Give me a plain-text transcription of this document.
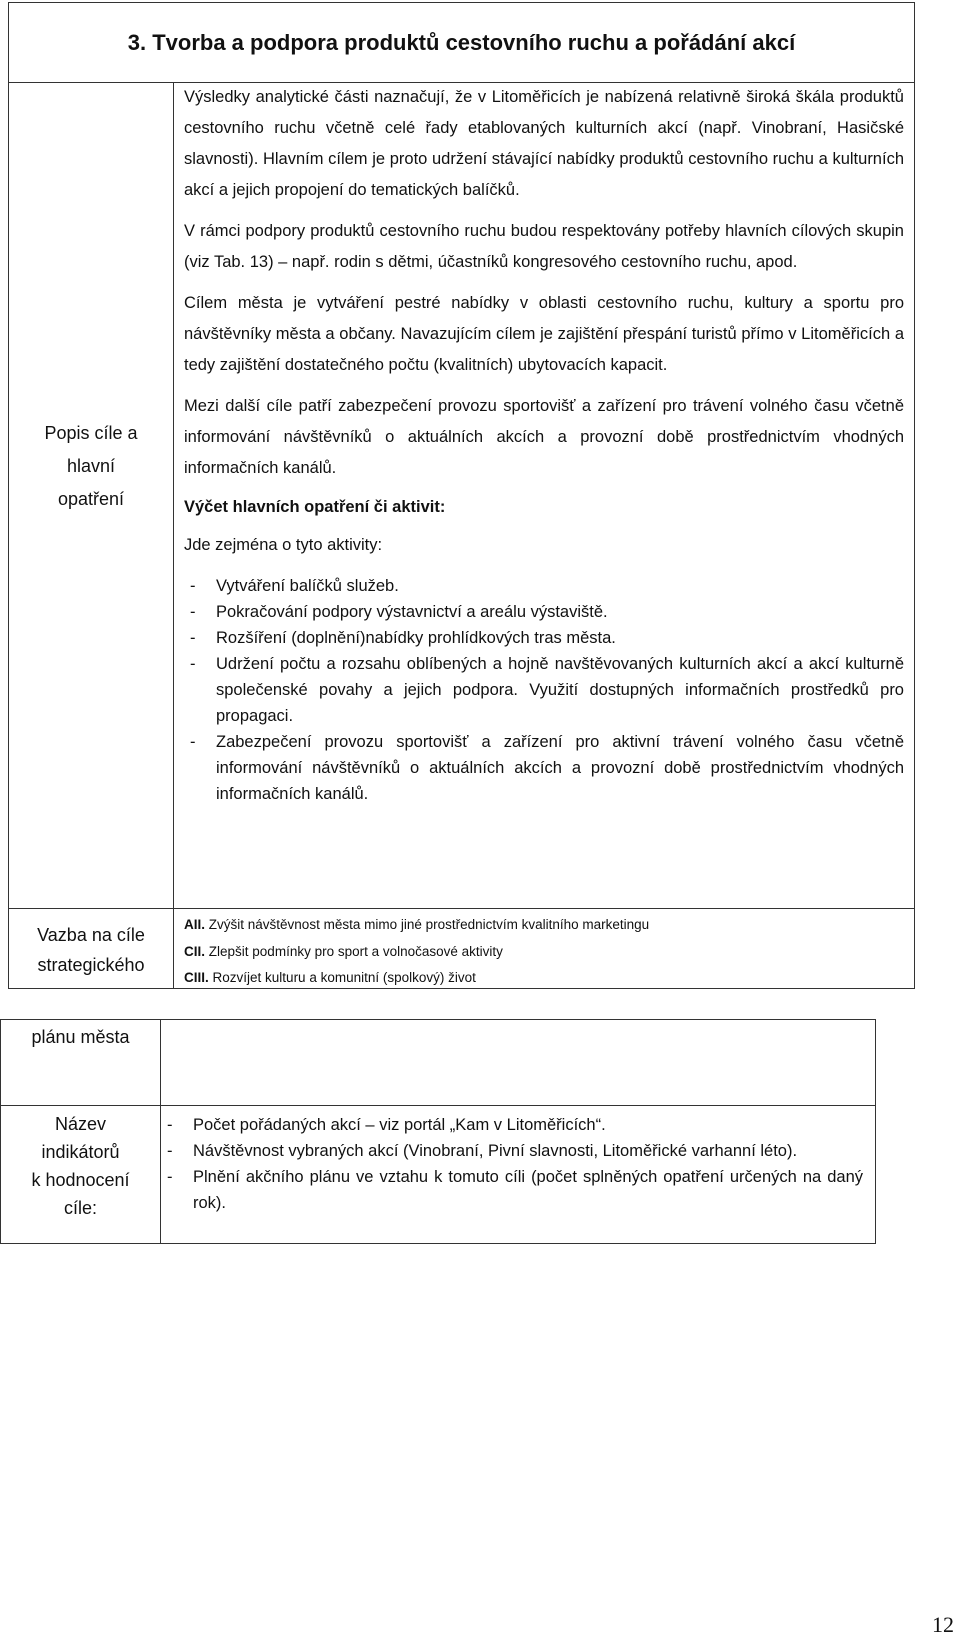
3. Tvorba a podpora produktů cestovního ruchu a pořádání akcí
Popis cíle a
hlavní
opatření

Výsledky analytické části naznačují, že v Litoměřicích je nabízená relativně široká škála produktů cestovního ruchu včetně celé řady etablovaných kulturních akcí (např. Vinobraní, Hasičské slavnosti). Hlavním cílem je proto udržení stávající nabídky produktů cestovního ruchu a kulturních akcí a jejich propojení do tematických balíčků.

V rámci podpory produktů cestovního ruchu budou respektovány potřeby hlavních cílových skupin (viz Tab. 13) – např. rodin s dětmi, účastníků kongresového cestovního ruchu, apod.

Cílem města je vytváření pestré nabídky v oblasti cestovního ruchu, kultury a sportu pro návštěvníky města a občany. Navazujícím cílem je zajištění přespání turistů přímo v Litoměřicích a tedy zajištění dostatečného počtu (kvalitních) ubytovacích kapacit.

Mezi další cíle patří zabezpečení provozu sportovišť a zařízení pro trávení volného času včetně informování návštěvníků o aktuálních akcích a provozní době prostřednictvím vhodných informačních kanálů.

Výčet hlavních opatření či aktivit:

Jde zejména o tyto aktivity:

- Vytváření balíčků služeb.
- Pokračování podpory výstavnictví a areálu výstaviště.
- Rozšíření (doplnění)nabídky prohlídkových tras města.
- Udržení počtu a rozsahu oblíbených a hojně navštěvovaných kulturních akcí a akcí kulturně společenské povahy a jejich podpora. Využití dostupných informačních prostředků pro propagaci.
- Zabezpečení provozu sportovišť a zařízení pro aktivní trávení volného času včetně informování návštěvníků o aktuálních akcích a provozní době prostřednictvím vhodných informačních kanálů.
Vazba na cíle
strategického
AII. Zvýšit návštěvnost města mimo jiné prostřednictvím kvalitního marketingu
CII. Zlepšit podmínky pro sport a volnočasové aktivity
CIII. Rozvíjet kulturu a komunitní (spolkový) život
plánu města
Název
indikátorů
k hodnocení
cíle:
- Počet pořádaných akcí – viz portál „Kam v Litoměřicích“.
- Návštěvnost vybraných akcí (Vinobraní, Pivní slavnosti, Litoměřické varhanní léto).
- Plnění akčního plánu ve vztahu k tomuto cíli (počet splněných opatření určených na daný rok).
12
